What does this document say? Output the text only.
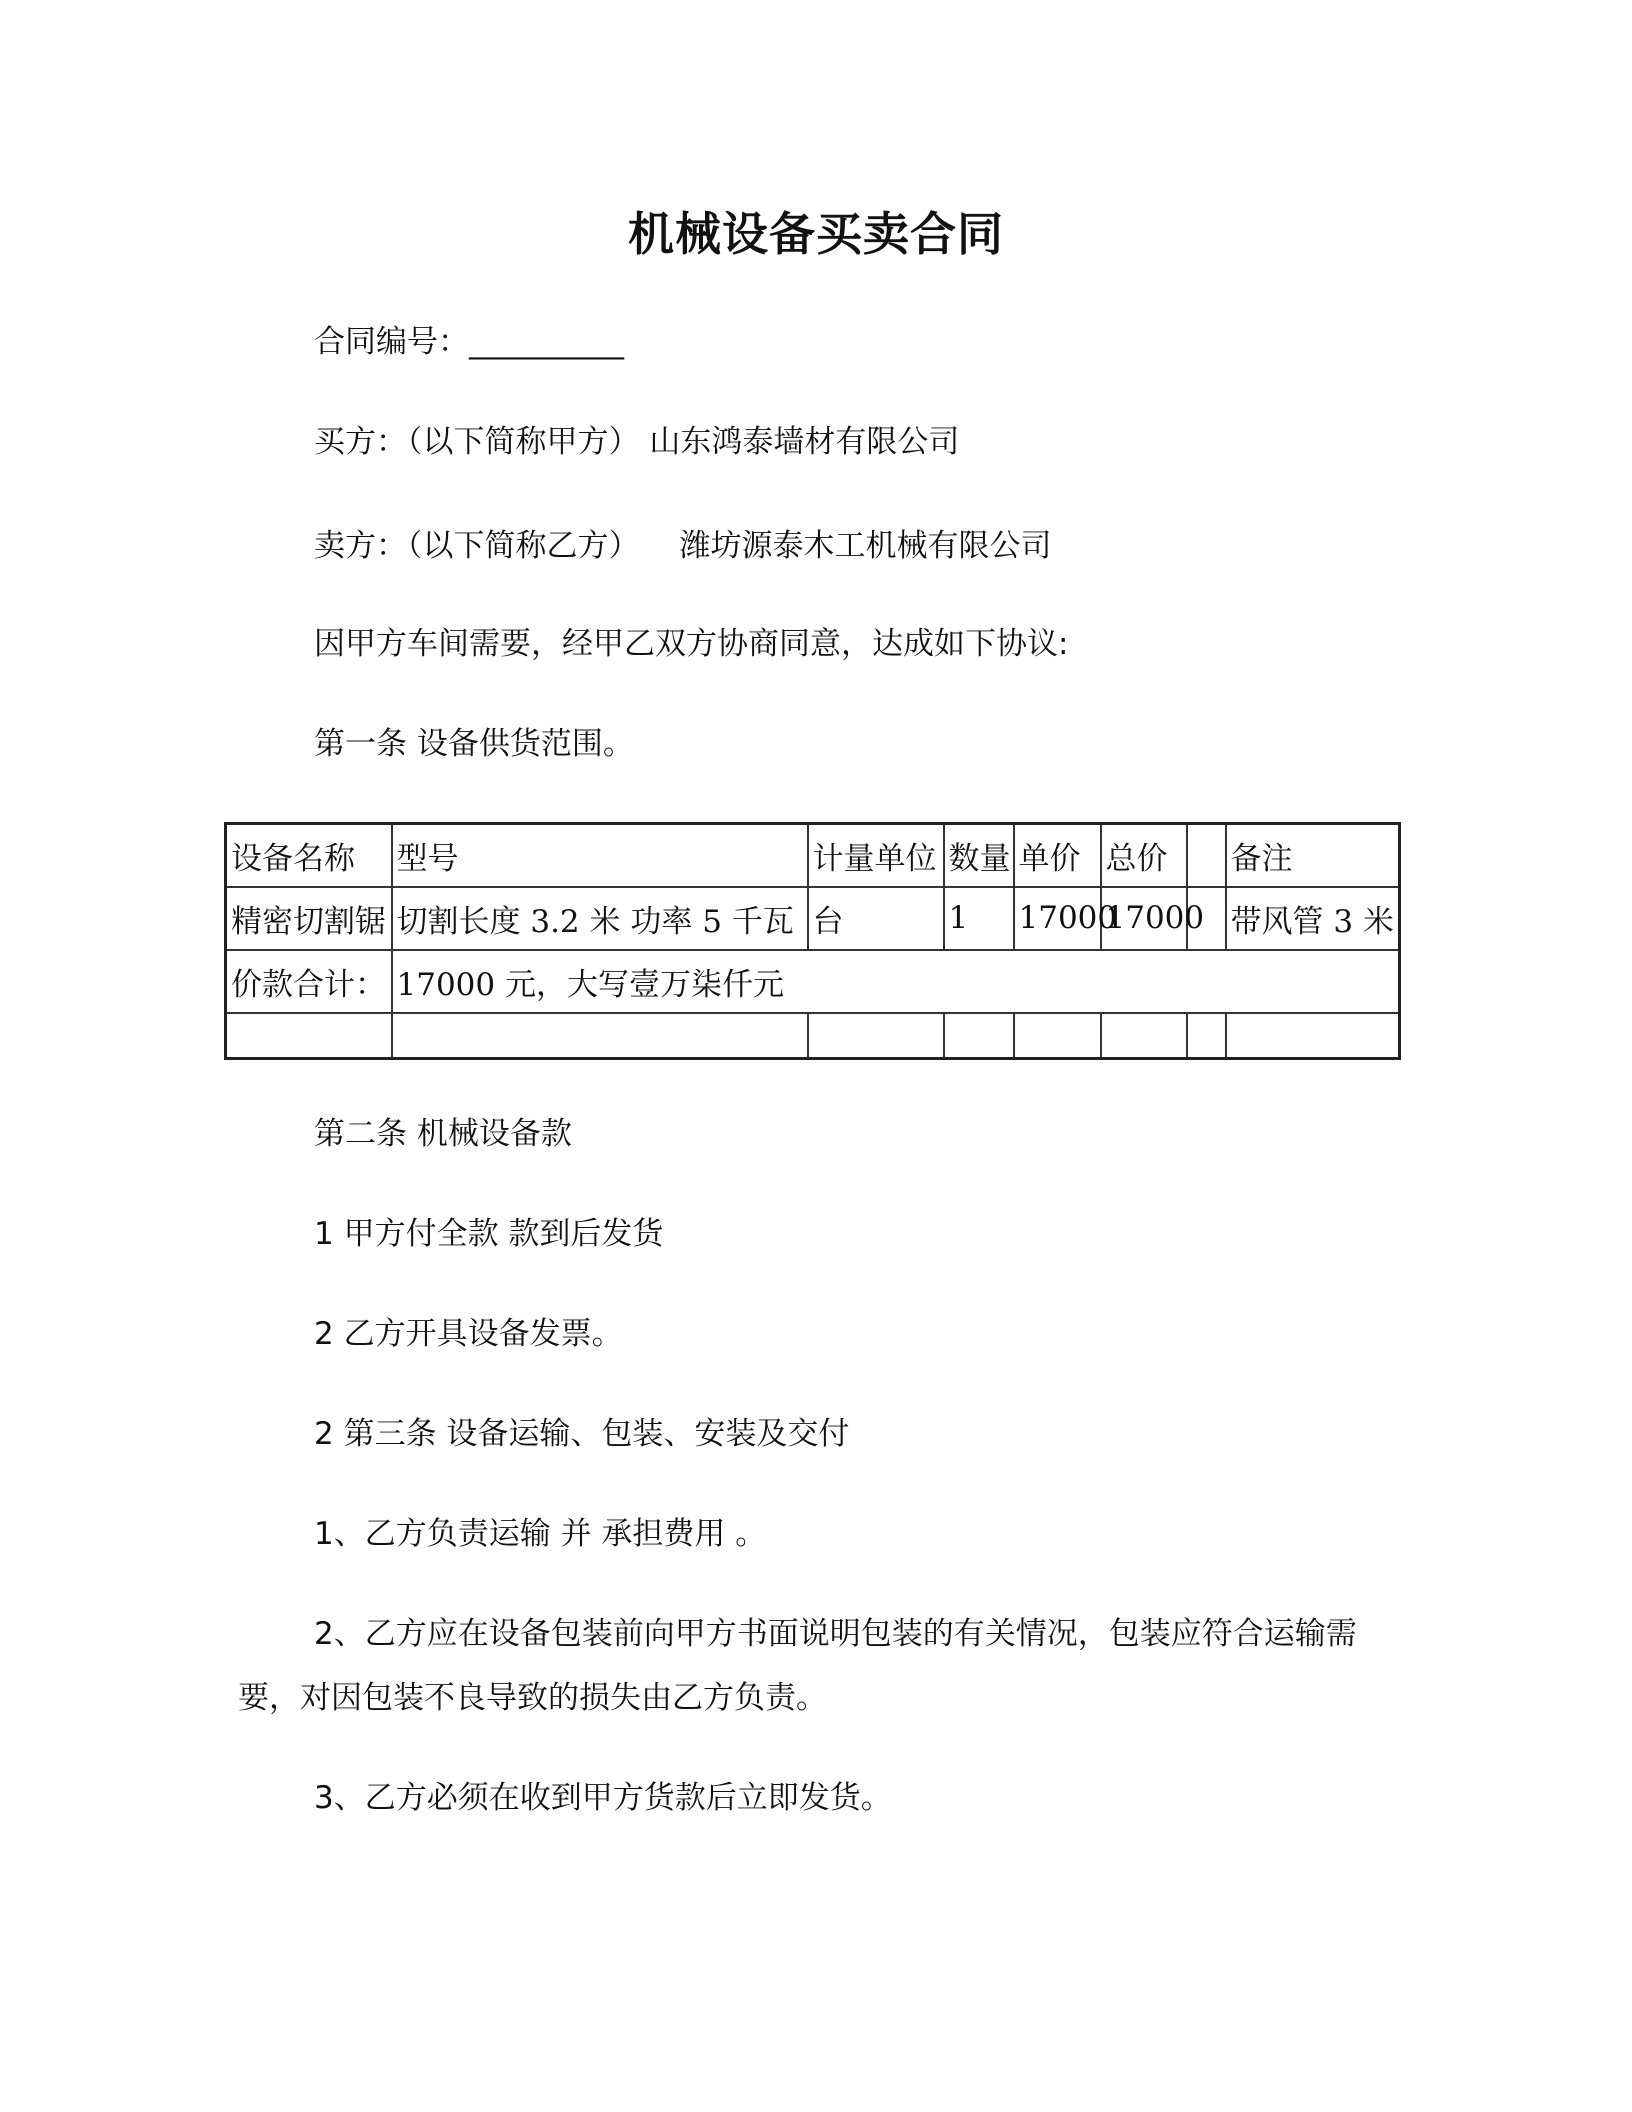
机械设备买卖合同
合同编号：__________
买方：（以下简称甲方） 山东鸿泰墙材有限公司
卖方：（以下简称乙方） 潍坊源泰木工机械有限公司
因甲方车间需要，经甲乙双方协商同意，达成如下协议:
第一条 设备供货范围。
设备名称	型号	计量单位	数量	单价	总价		备注
精密切割锯	切割长度 3.2 米 功率 5 千瓦	台	1	17000	17000		带风管 3 米
价款合计：	17000 元，大写壹万柒仟元						

第二条 机械设备款
1 甲方付全款 款到后发货
2 乙方开具设备发票。
2 第三条 设备运输、包装、安装及交付
1、乙方负责运输 并 承担费用 。
2、乙方应在设备包装前向甲方书面说明包装的有关情况，包装应符合运输需要，对因包装不良导致的损失由乙方负责。
3、乙方必须在收到甲方货款后立即发货。
